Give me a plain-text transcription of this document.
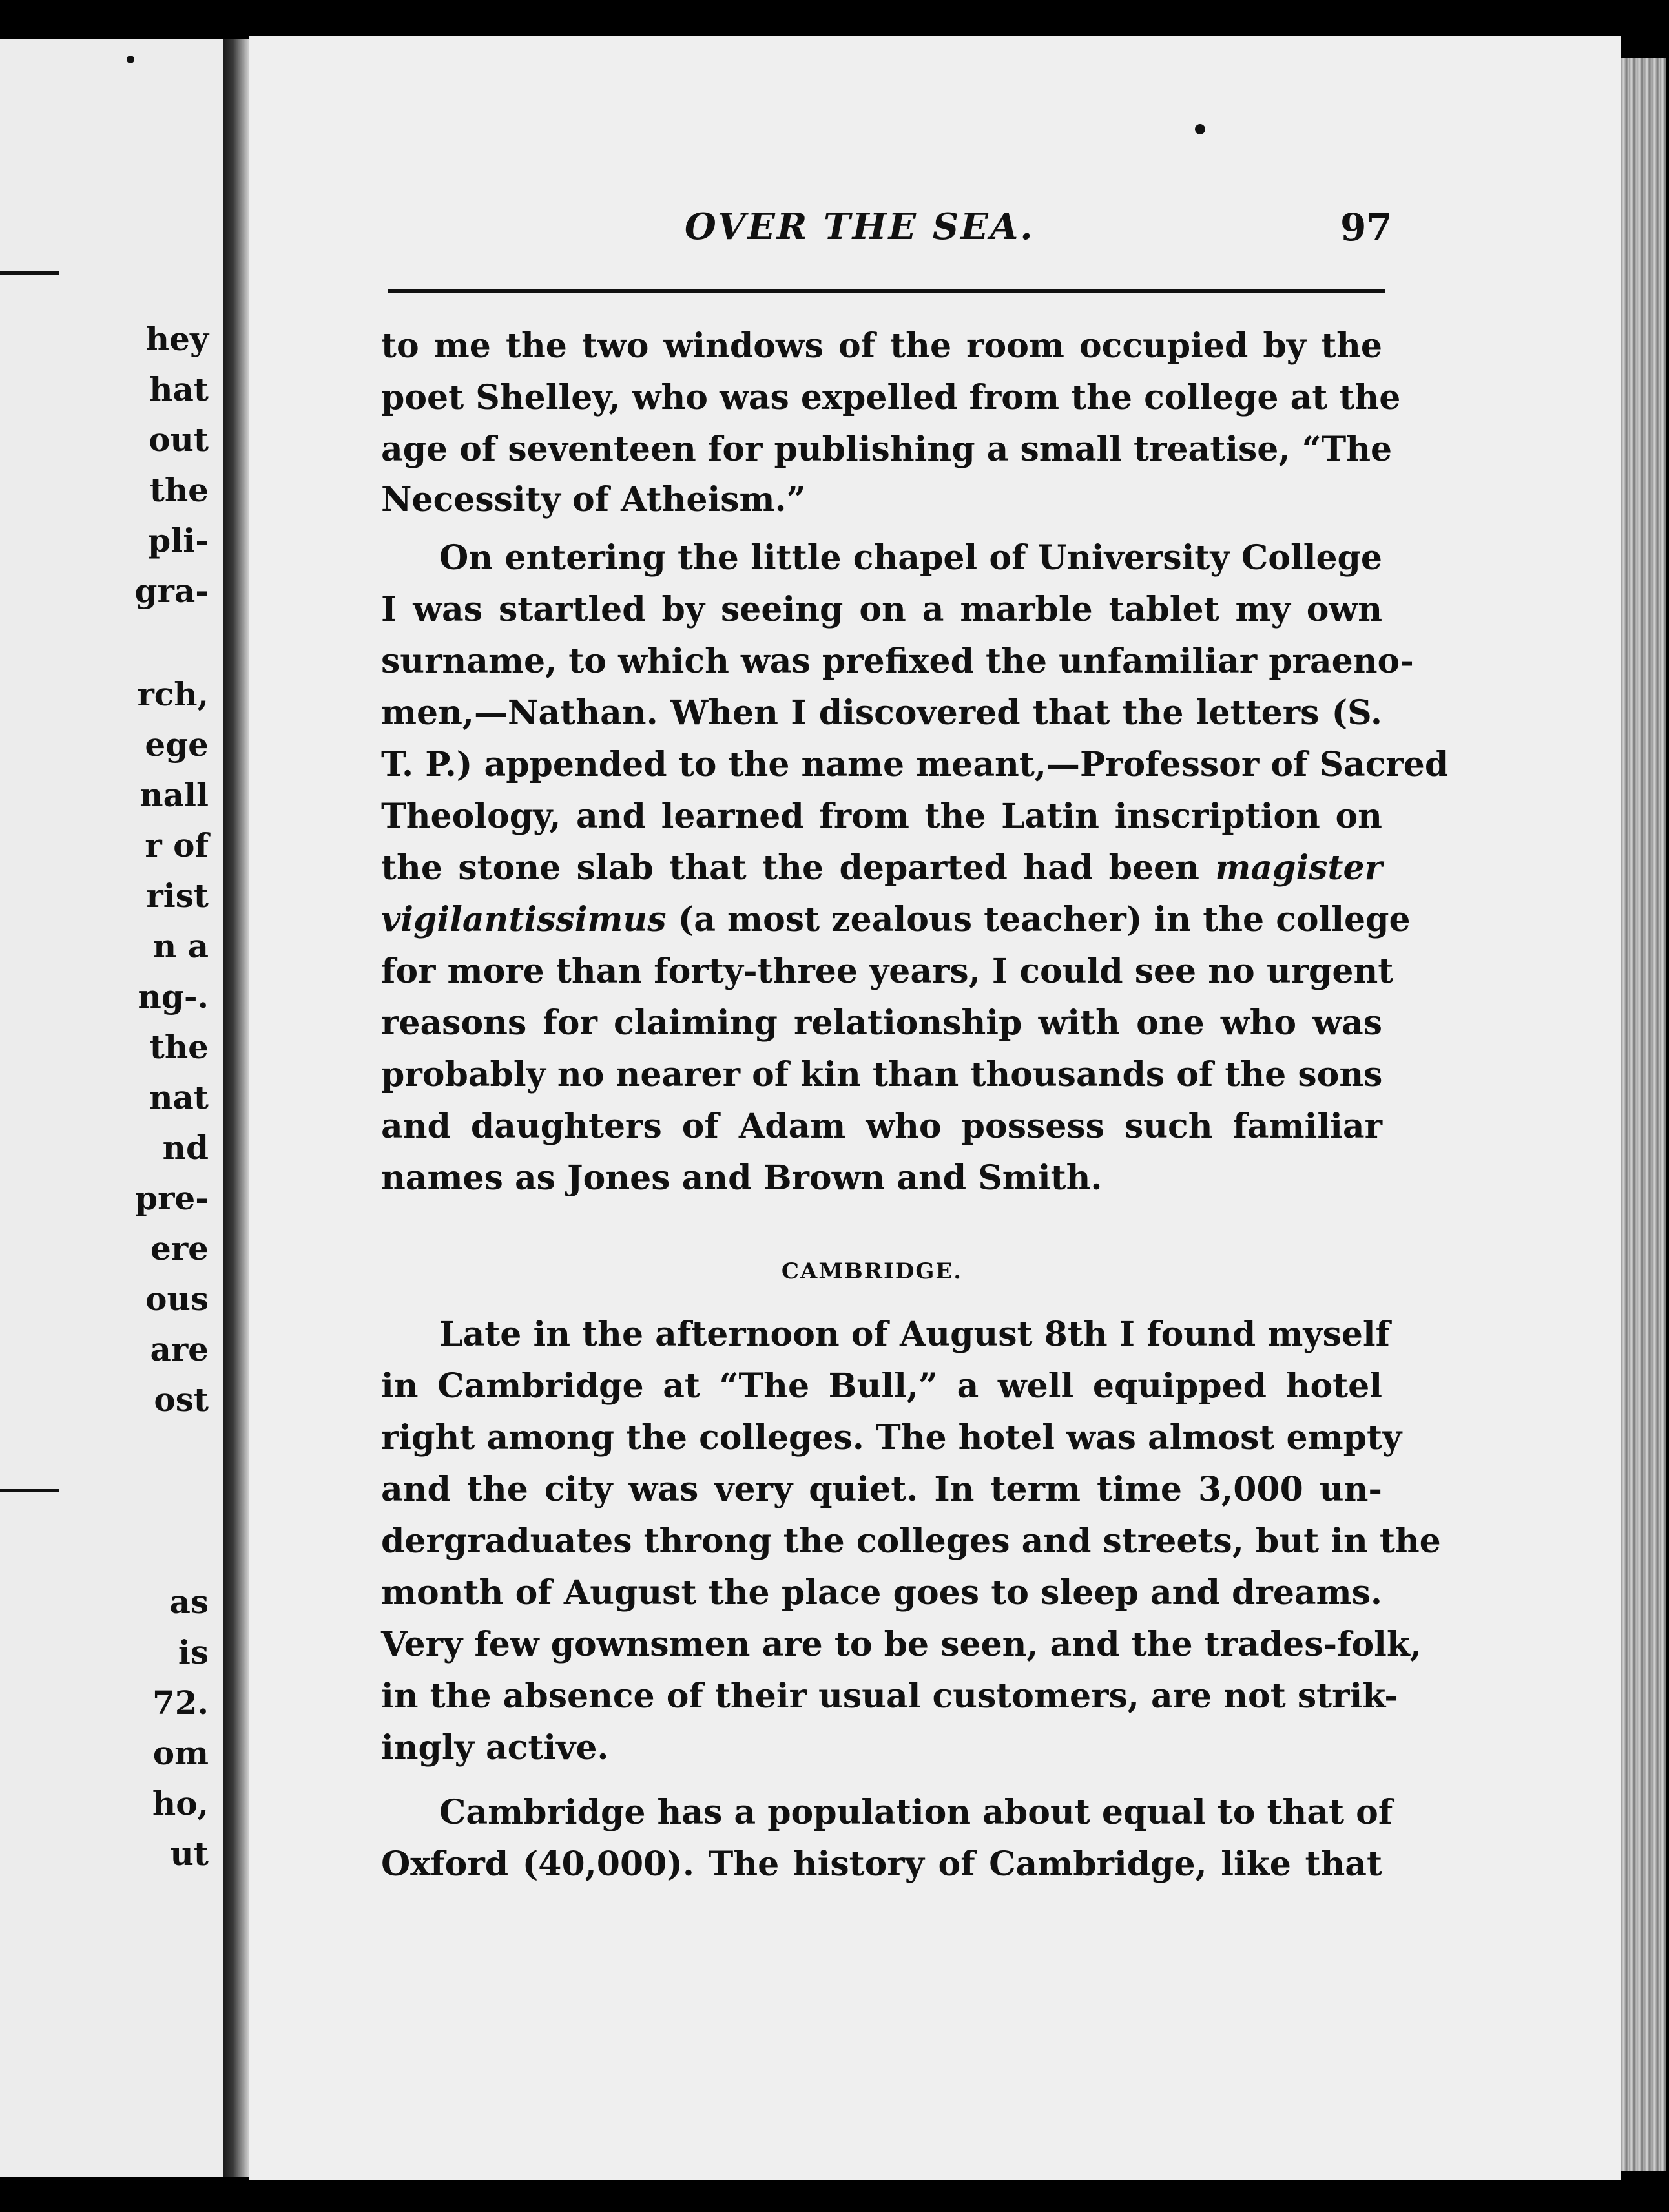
hey
hat
out
the
pli-
gra-
rch,
ege
nall
r of
rist
n a
ng-.
the
nat
nd
pre-
ere
ous
are
ost
as
is
72.
om
ho,
ut
OVER THE SEA.	97
to me the two windows of the room occupied by the
poet Shelley, who was expelled from the college at the
age of seventeen for publishing a small treatise, “The
Necessity of Atheism.”
On entering the little chapel of University College
I was startled by seeing on a marble tablet my own
surname, to which was prefixed the unfamiliar praeno-
men,—Nathan. When I discovered that the letters (S.
T. P.) appended to the name meant,—Professor of Sacred
Theology, and learned from the Latin inscription on
the stone slab that the departed had been magister
vigilantissimus (a most zealous teacher) in the college
for more than forty-three years, I could see no urgent
reasons for claiming relationship with one who was
probably no nearer of kin than thousands of the sons
and daughters of Adam who possess such familiar
names as Jones and Brown and Smith.
CAMBRIDGE.
Late in the afternoon of August 8th I found myself
in Cambridge at “The Bull,” a well equipped hotel
right among the colleges. The hotel was almost empty
and the city was very quiet. In term time 3,000 un-
dergraduates throng the colleges and streets, but in the
month of August the place goes to sleep and dreams.
Very few gownsmen are to be seen, and the trades-folk,
in the absence of their usual customers, are not strik-
ingly active.
Cambridge has a population about equal to that of
Oxford (40,000). The history of Cambridge, like that
